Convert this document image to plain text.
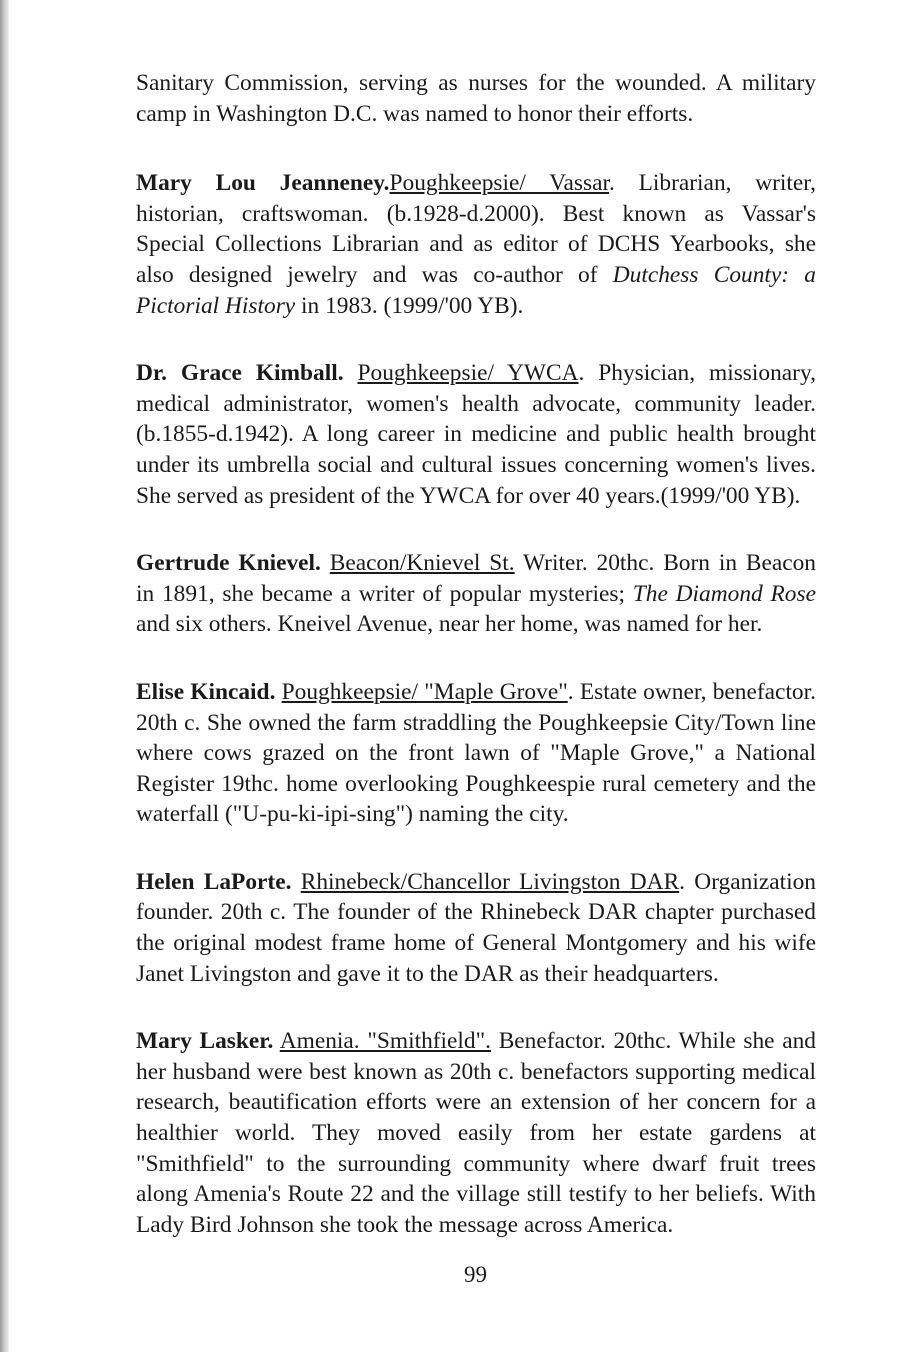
Sanitary Commission, serving as nurses for the wounded. A military camp in Washington D.C. was named to honor their efforts.

Mary Lou Jeanneney.Poughkeepsie/ Vassar. Librarian, writer, historian, craftswoman. (b.1928-d.2000). Best known as Vassar's Special Collections Librarian and as editor of DCHS Yearbooks, she also designed jewelry and was co-author of Dutchess County: a Pictorial History in 1983. (1999/'00 YB).

Dr. Grace Kimball. Poughkeepsie/ YWCA. Physician, missionary, medical administrator, women's health advocate, community leader. (b.1855-d.1942). A long career in medicine and public health brought under its umbrella social and cultural issues concerning women's lives. She served as president of the YWCA for over 40 years.(1999/'00 YB).

Gertrude Knievel. Beacon/Knievel St. Writer. 20thc. Born in Beacon in 1891, she became a writer of popular mysteries; The Diamond Rose and six others. Kneivel Avenue, near her home, was named for her.

Elise Kincaid. Poughkeepsie/ "Maple Grove". Estate owner, benefactor. 20th c. She owned the farm straddling the Poughkeepsie City/Town line where cows grazed on the front lawn of "Maple Grove," a National Register 19thc. home overlooking Poughkeespie rural cemetery and the waterfall ("U-pu-ki-ipi-sing") naming the city.

Helen LaPorte. Rhinebeck/Chancellor Livingston DAR. Organization founder. 20th c. The founder of the Rhinebeck DAR chapter purchased the original modest frame home of General Montgomery and his wife Janet Livingston and gave it to the DAR as their headquarters.

Mary Lasker. Amenia. "Smithfield". Benefactor. 20thc. While she and her husband were best known as 20th c. benefactors supporting medical research, beautification efforts were an extension of her concern for a healthier world. They moved easily from her estate gardens at "Smithfield" to the surrounding community where dwarf fruit trees along Amenia's Route 22 and the village still testify to her beliefs. With Lady Bird Johnson she took the message across America.

99
